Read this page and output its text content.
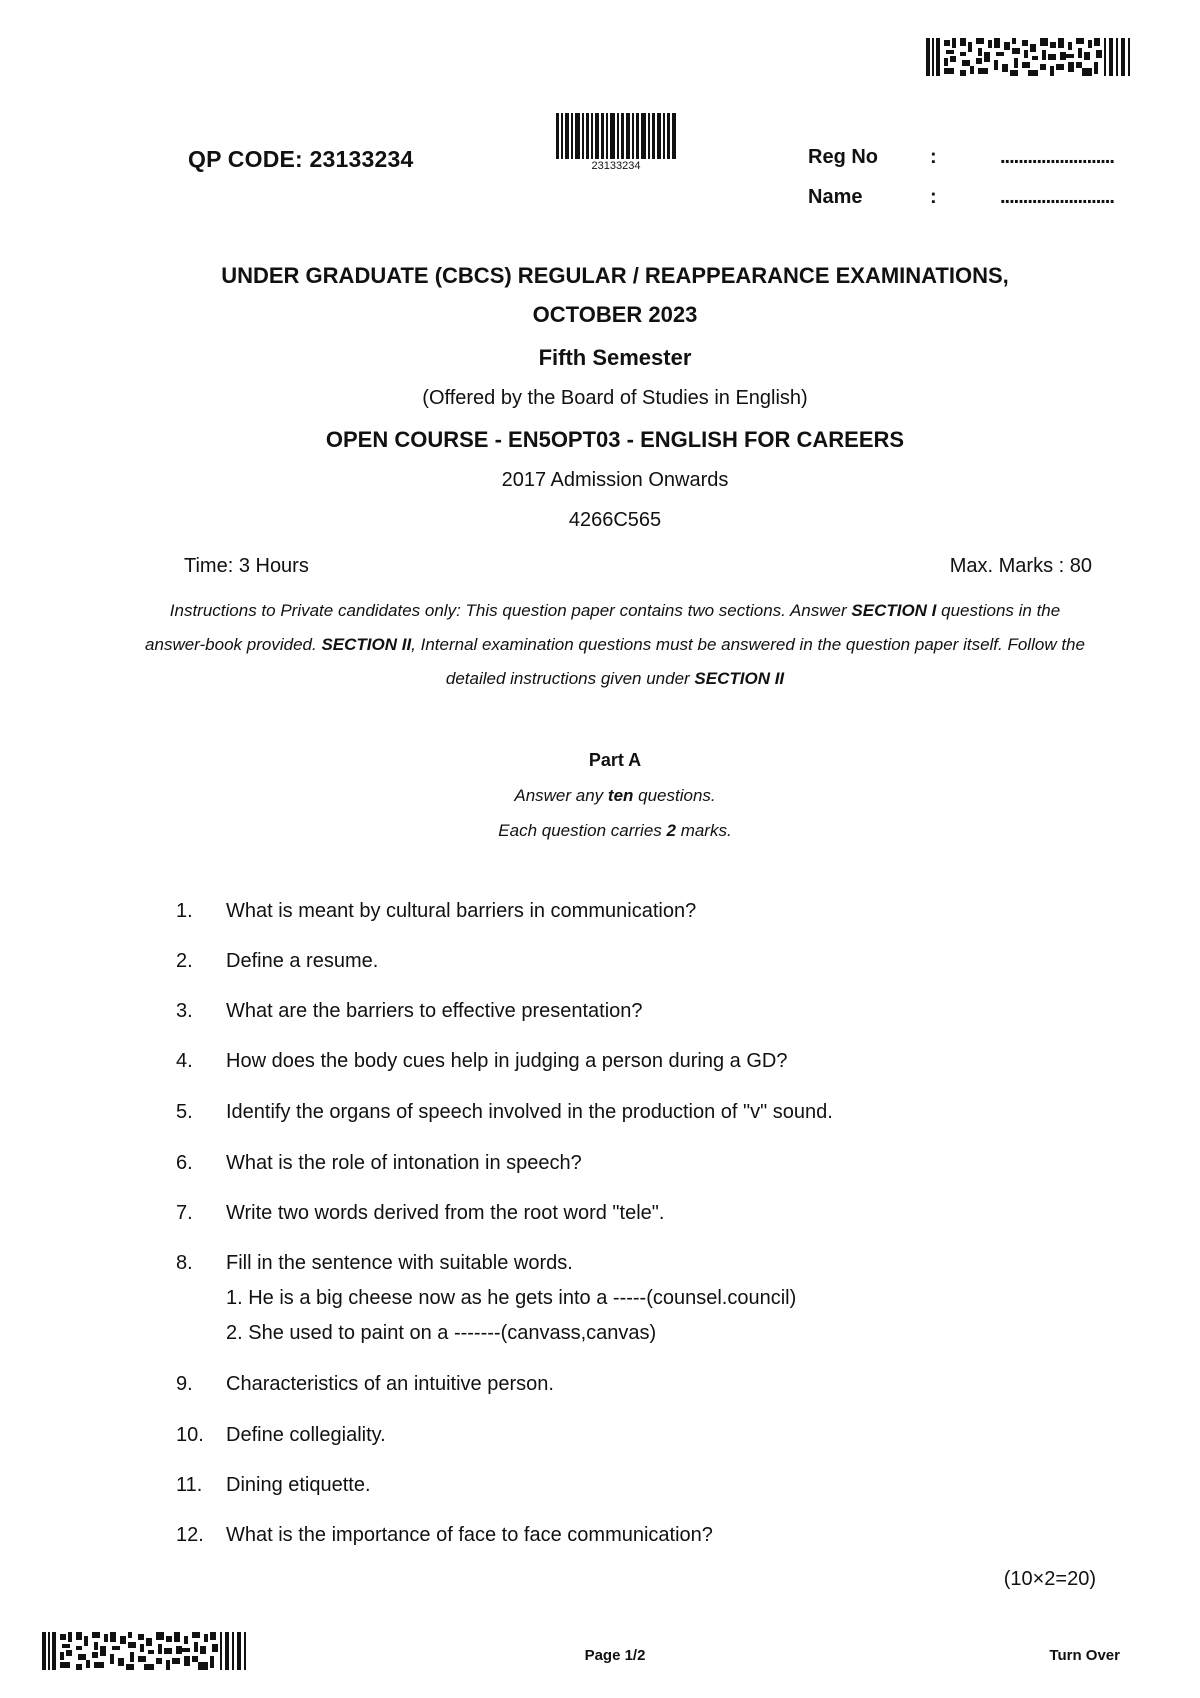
QP CODE: 23133234	23133234	Reg No	:	.........................
Name	:	.........................
UNDER GRADUATE (CBCS) REGULAR / REAPPEARANCE EXAMINATIONS,
OCTOBER 2023
Fifth Semester
(Offered by the Board of Studies in English)
OPEN COURSE - EN5OPT03 - ENGLISH FOR CAREERS
2017 Admission Onwards
4266C565
Time: 3 Hours	Max. Marks : 80
Instructions to Private candidates only: This question paper contains two sections. Answer SECTION I questions in the answer-book provided. SECTION II, Internal examination questions must be answered in the question paper itself. Follow the detailed instructions given under SECTION II
Part A
Answer any ten questions.
Each question carries 2 marks.
1.	What is meant by cultural barriers in communication?
2.	Define a resume.
3.	What are the barriers to effective presentation?
4.	How does the body cues help in judging a person during a GD?
5.	Identify the organs of speech involved in the production of "v" sound.
6.	What is the role of intonation in speech?
7.	Write two words derived from the root word "tele".
8.	Fill in the sentence with suitable words.
1. He is a big cheese now as he gets into a -----(counsel.council)
2. She used to paint on a -------(canvass,canvas)
9.	Characteristics of an intuitive person.
10.	Define collegiality.
11.	Dining etiquette.
12.	What is the importance of face to face communication?
(10×2=20)
Page 1/2	Turn Over
